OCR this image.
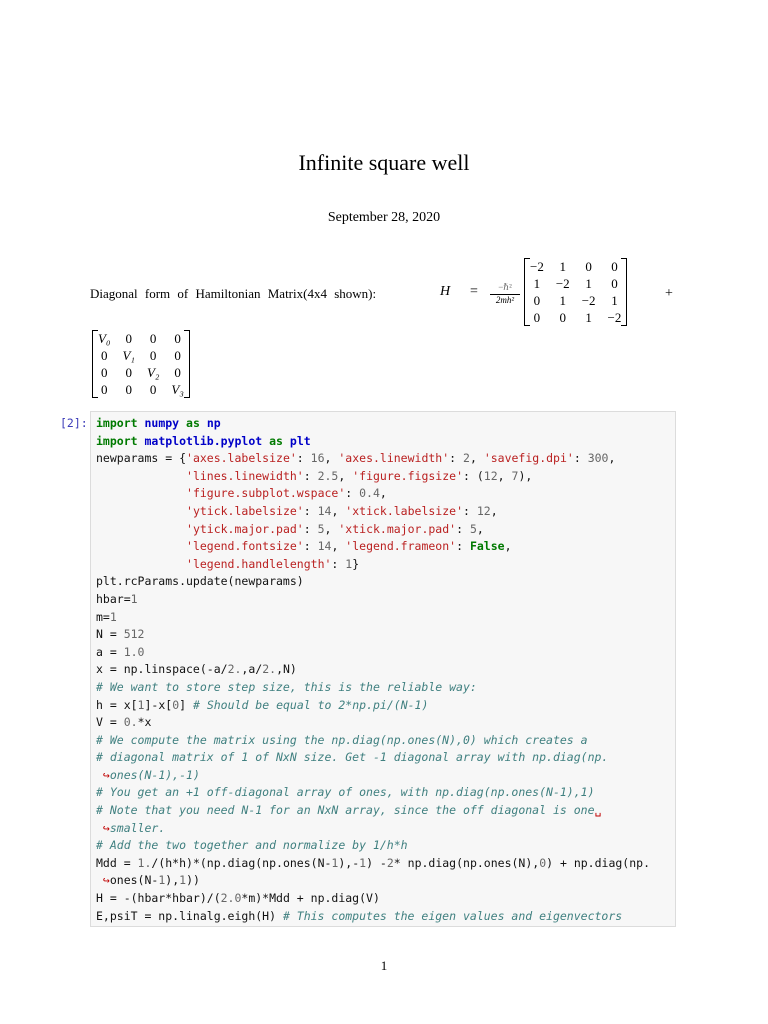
Infinite square well
September 28, 2020
Diagonal form of Hamiltonian Matrix(4x4 shown):	H =	−ℏ²
2mh²
−2	1	0	0
1	−2	1	0
0	1	−2	1
0	0	1	−2
+
V₀	0	0	0
0	V₁	0	0
0	0	V₂	0
0	0	0	V₃
[2]: import numpy as np
import matplotlib.pyplot as plt
newparams = {'axes.labelsize': 16, 'axes.linewidth': 2, 'savefig.dpi': 300,
'lines.linewidth': 2.5, 'figure.figsize': (12, 7),
'figure.subplot.wspace': 0.4,
'ytick.labelsize': 14, 'xtick.labelsize': 12,
'ytick.major.pad': 5, 'xtick.major.pad': 5,
'legend.fontsize': 14, 'legend.frameon': False,
'legend.handlelength': 1}
plt.rcParams.update(newparams)
hbar=1
m=1
N = 512
a = 1.0
x = np.linspace(-a/2.,a/2.,N)
# We want to store step size, this is the reliable way:
h = x[1]-x[0] # Should be equal to 2*np.pi/(N-1)
V = 0.*x
# We compute the matrix using the np.diag(np.ones(N),0) which creates a
# diagonal matrix of 1 of NxN size. Get -1 diagonal array with np.diag(np.
↪ones(N-1),-1)
# You get an +1 off-diagonal array of ones, with np.diag(np.ones(N-1),1)
# Note that you need N-1 for an NxN array, since the off diagonal is one␣
↪smaller.
# Add the two together and normalize by 1/h*h
Mdd = 1./(h*h)*(np.diag(np.ones(N-1),-1) -2* np.diag(np.ones(N),0) + np.diag(np.
↪ones(N-1),1))
H = -(hbar*hbar)/(2.0*m)*Mdd + np.diag(V)
E,psiT = np.linalg.eigh(H) # This computes the eigen values and eigenvectors
1
